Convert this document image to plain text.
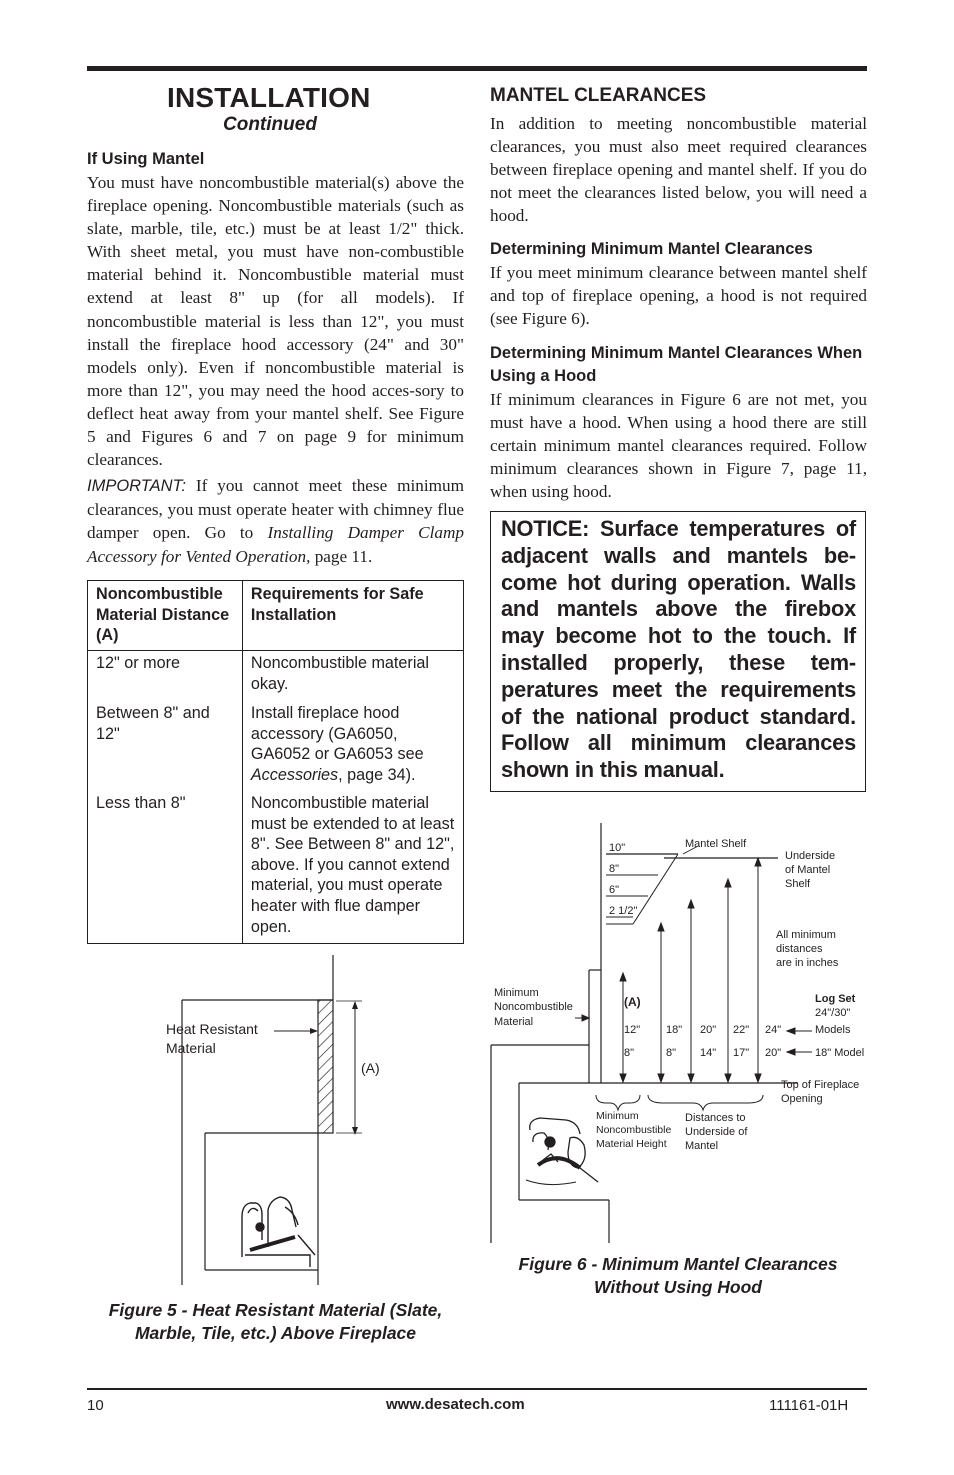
INSTALLATION
Continued
If Using Mantel

You must have noncombustible material(s) above the fireplace opening. Noncombustible materials (such as slate, marble, tile, etc.) must be at least 1/2" thick. With sheet metal, you must have non-combustible material behind it. Noncombustible material must extend at least 8" up (for all models). If noncombustible material is less than 12", you must install the fireplace hood accessory (24" and 30" models only). Even if noncombustible material is more than 12", you may need the hood acces-sory to deflect heat away from your mantel shelf. See Figure 5 and Figures 6 and 7 on page 9 for minimum clearances.

IMPORTANT: If you cannot meet these minimum clearances, you must operate heater with chimney flue damper open. Go to Installing Damper Clamp Accessory for Vented Operation, page 11.

Noncombustible Material Distance (A)	Requirements for Safe Installation
12" or more	Noncombustible material okay.
Between 8" and 12"	Install fireplace hood accessory (GA6050, GA6052 or GA6053 see Accessories, page 34).
Less than 8"	Noncombustible material must be extended to at least 8". See Between 8" and 12", above. If you cannot extend material, you must operate heater with flue damper open.
Heat Resistant
Material
(A)
Figure 5 - Heat Resistant Material (Slate,
Marble, Tile, etc.) Above Fireplace
MANTEL CLEARANCES
In addition to meeting noncombustible material clearances, you must also meet required clearances between fireplace opening and mantel shelf. If you do not meet the clearances listed below, you will need a hood.
Determining Minimum Mantel Clearances
If you meet minimum clearance between mantel shelf and top of fireplace opening, a hood is not required (see Figure 6).
Determining Minimum Mantel Clearances When Using a Hood
If minimum clearances in Figure 6 are not met, you must have a hood. When using a hood there are still certain minimum mantel clearances required. Follow minimum clearances shown in Figure 7, page 11, when using hood.
NOTICE: Surface temperatures of adjacent walls and mantels be-come hot during operation. Walls and mantels above the firebox may become hot to the touch. If installed properly, these tem-peratures meet the requirements of the national product standard. Follow all minimum clearances shown in this manual.
10"
8"
6"
2 1/2"
Mantel Shelf
Underside
of Mantel
Shelf
All minimum
distances
are in inches
Minimum
Noncombustible
Material
(A)
12" 18" 20" 22" 24"
8"	8" 14" 17" 20"
Log Set
24"/30"
Models
18" Model
Top of Fireplace
Opening
Minimum
Noncombustible
Material Height
Distances to
Underside of
Mantel
Figure 6 - Minimum Mantel Clearances
Without Using Hood
10	www.desatech.com	111161-01H
